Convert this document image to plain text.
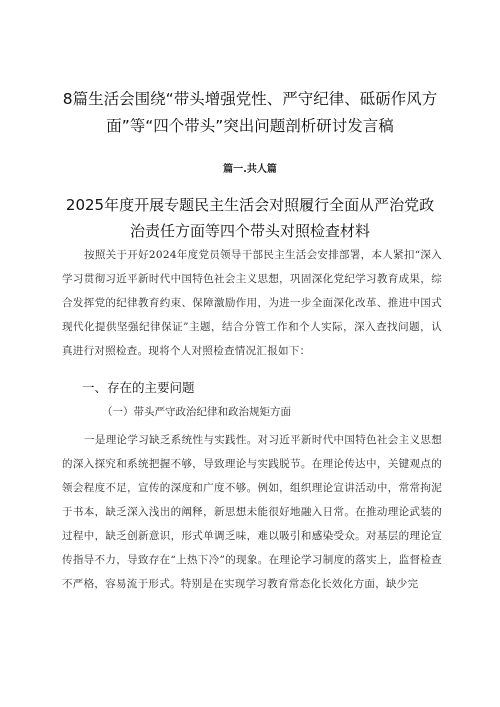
8篇生活会围绕“带头增强党性、严守纪律、砥砺作风方面”等“四个带头”突出问题剖析研讨发言稿
篇一.共人篇
2025年度开展专题民主生活会对照履行全面从严治党政治责任方面等四个带头对照检查材料
按照关于开好2024年度党员领导干部民主生活会安排部署，本人紧扣“深入学习贯彻习近平新时代中国特色社会主义思想，巩固深化党纪学习教育成果，综合发挥党的纪律教育约束、保障激励作用，为进一步全面深化改革、推进中国式现代化提供坚强纪律保证”主题，结合分管工作和个人实际，深入查找问题，认真进行对照检查。现将个人对照检查情况汇报如下：
一、存在的主要问题
（一）带头严守政治纪律和政治规矩方面
一是理论学习缺乏系统性与实践性。对习近平新时代中国特色社会主义思想的深入探究和系统把握不够，导致理论与实践脱节。在理论传达中，关键观点的领会程度不足，宣传的深度和广度不够。例如，组织理论宣讲活动中，常常拘泥于书本，缺乏深入浅出的阐释，新思想未能很好地融入日常。在推动理论武装的过程中，缺乏创新意识，形式单调乏味，难以吸引和感染受众。对基层的理论宣传指导不力，导致存在“上热下冷”的现象。在理论学习制度的落实上，监督检查不严格，容易流于形式。特别是在实现学习教育常态化长效化方面，缺少完
